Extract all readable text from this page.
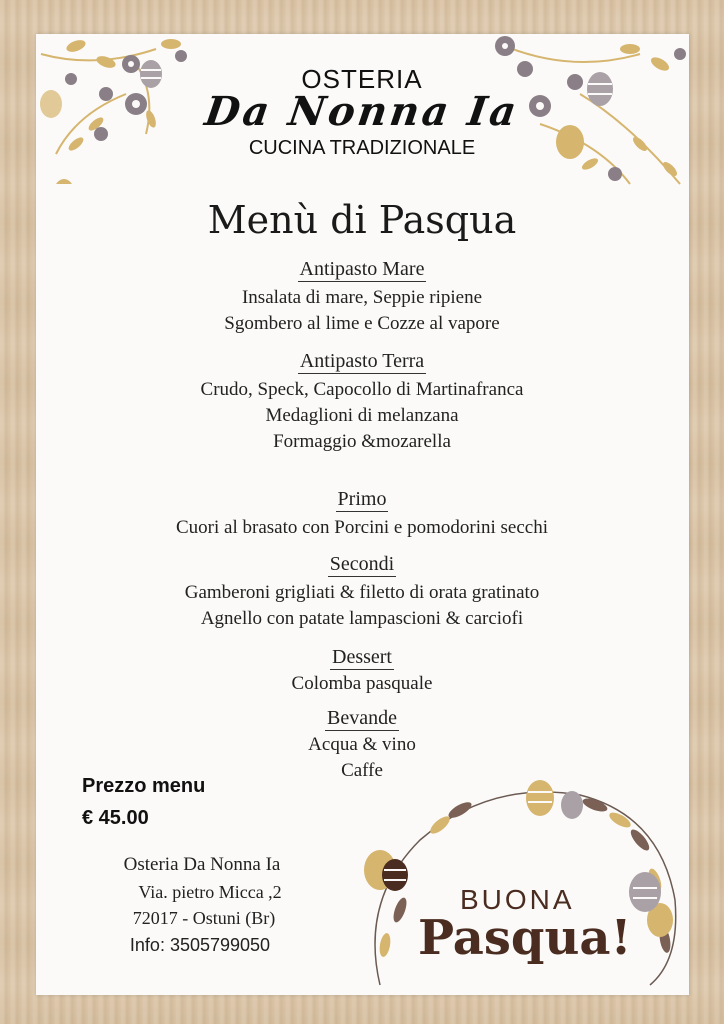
OSTERIA
Da Nonna Ia
CUCINA TRADIZIONALE
Menù di Pasqua
Antipasto Mare
Insalata di mare, Seppie ripiene
Sgombero al lime e Cozze al vapore
Antipasto Terra
Crudo, Speck, Capocollo di Martinafranca
Medaglioni di melanzana
Formaggio &mozarella
Primo
Cuori al brasato con Porcini e pomodorini secchi
Secondi
Gamberoni grigliati & filetto di orata gratinato
Agnello con patate lampascioni & carciofi
Dessert
Colomba pasquale
Bevande
Acqua & vino
Caffe
Prezzo menu
€ 45.00
Osteria Da Nonna Ia
Via. pietro Micca ,2
72017 - Ostuni (Br)
Info: 3505799050
BUONA
Pasqua!
